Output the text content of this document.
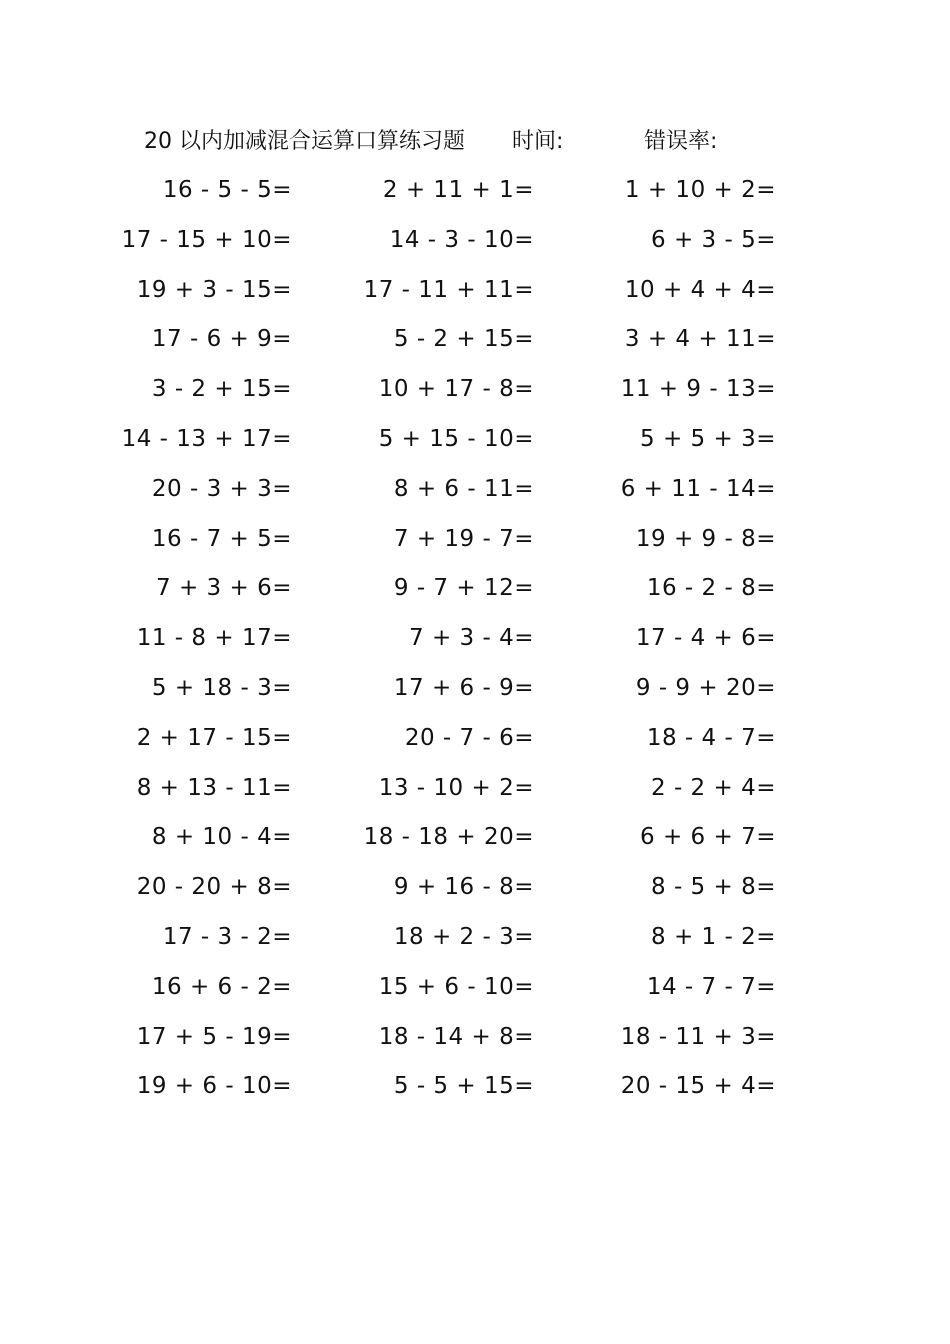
20 以内加减混合运算口算练习题 时间:	错误率:
16 - 5 - 5=	2 + 11 + 1=	1 + 10 + 2=
17 - 15 + 10=	14 - 3 - 10=	6 + 3 - 5=
19 + 3 - 15=	17 - 11 + 11=	10 + 4 + 4=
17 - 6 + 9=	5 - 2 + 15=	3 + 4 + 11=
3 - 2 + 15=	10 + 17 - 8=	11 + 9 - 13=
14 - 13 + 17=	5 + 15 - 10=	5 + 5 + 3=
20 - 3 + 3=	8 + 6 - 11=	6 + 11 - 14=
16 - 7 + 5=	7 + 19 - 7=	19 + 9 - 8=
7 + 3 + 6=	9 - 7 + 12=	16 - 2 - 8=
11 - 8 + 17=	7 + 3 - 4=	17 - 4 + 6=
5 + 18 - 3=	17 + 6 - 9=	9 - 9 + 20=
2 + 17 - 15=	20 - 7 - 6=	18 - 4 - 7=
8 + 13 - 11=	13 - 10 + 2=	2 - 2 + 4=
8 + 10 - 4=	18 - 18 + 20=	6 + 6 + 7=
20 - 20 + 8=	9 + 16 - 8=	8 - 5 + 8=
17 - 3 - 2=	18 + 2 - 3=	8 + 1 - 2=
16 + 6 - 2=	15 + 6 - 10=	14 - 7 - 7=
17 + 5 - 19=	18 - 14 + 8=	18 - 11 + 3=
19 + 6 - 10=	5 - 5 + 15=	20 - 15 + 4=
